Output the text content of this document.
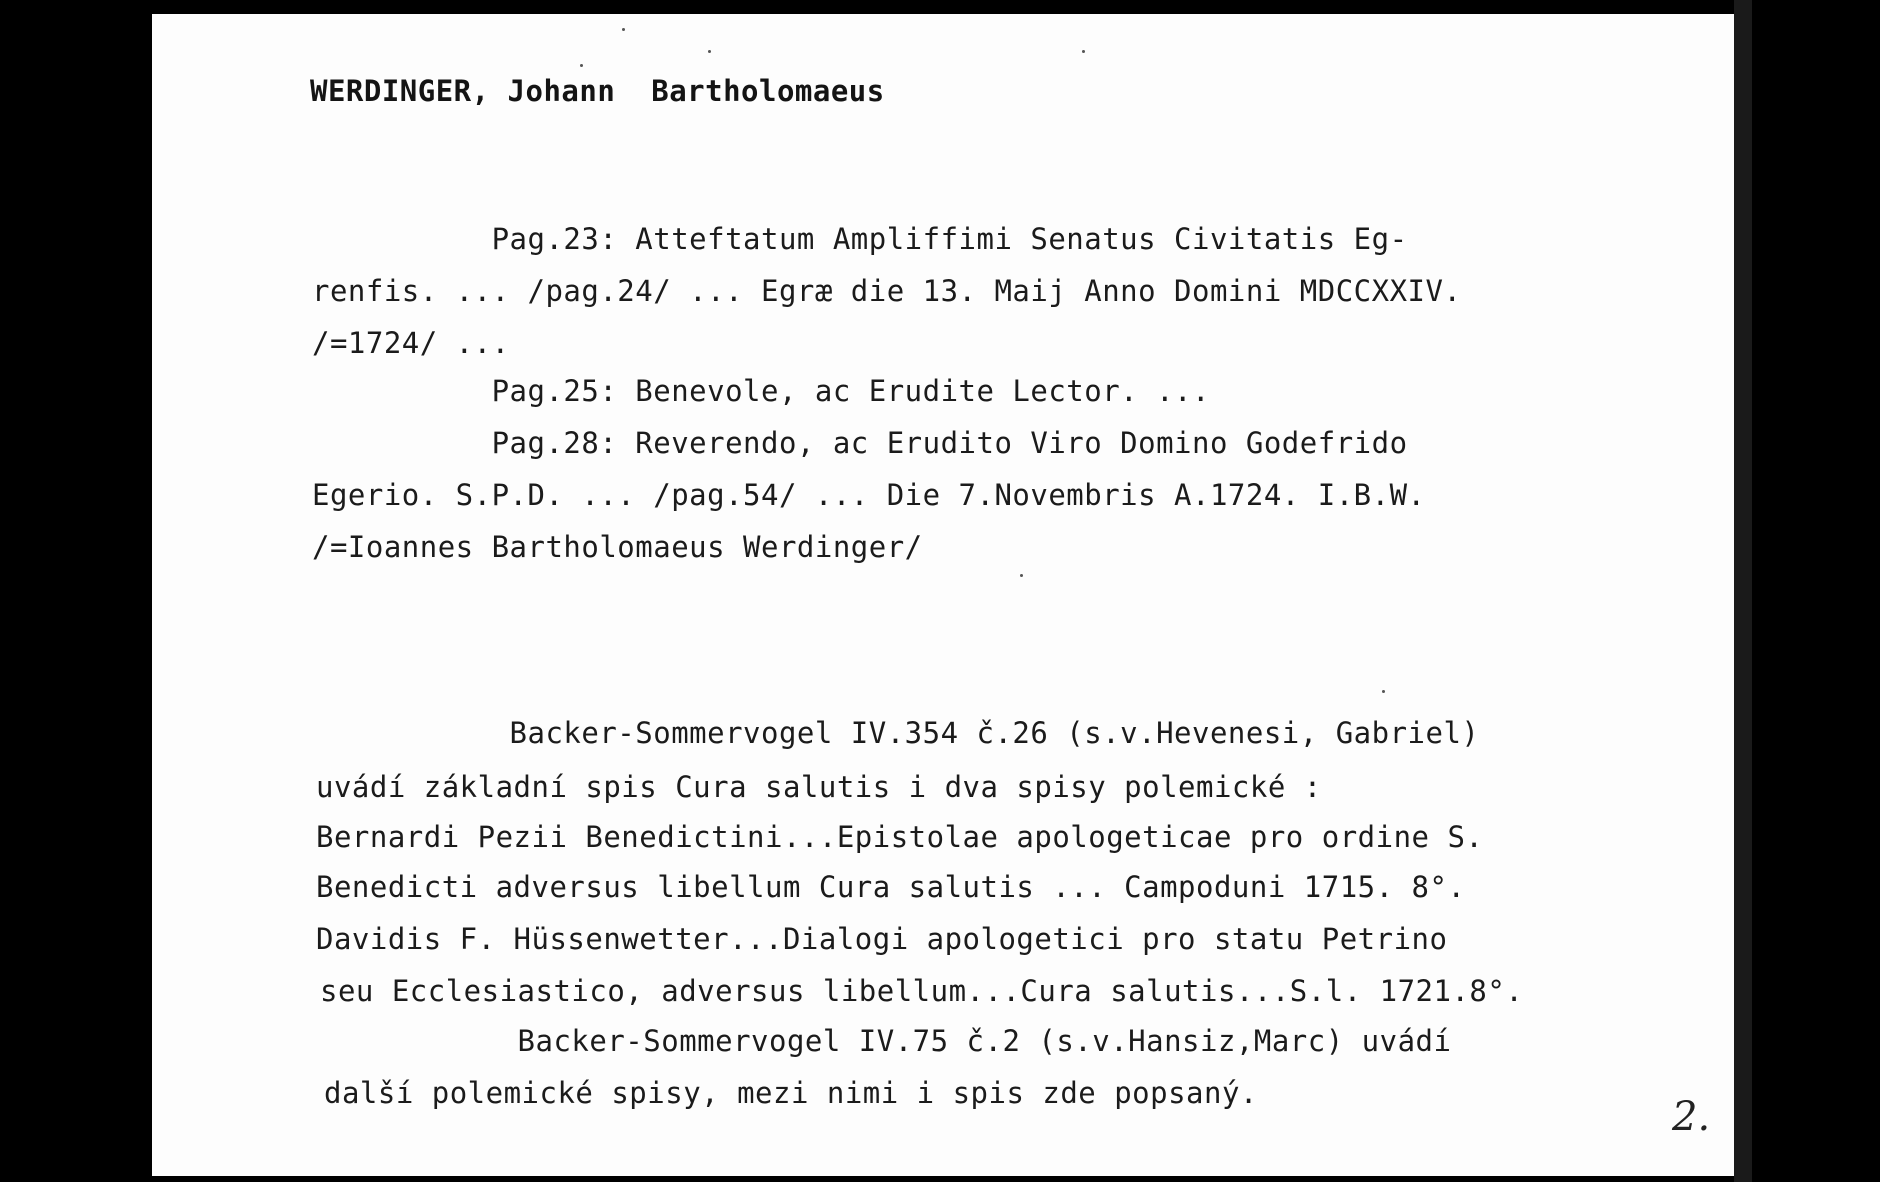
WERDINGER, Johann  Bartholomaeus

Pag.23: Atteftatum Ampliffimi Senatus Civitatis Eg-

renfis. ... /pag.24/ ... Egræ die 13. Maij Anno Domini MDCCXXIV.

/=1724/ ...

Pag.25: Benevole, ac Erudite Lector. ...

Pag.28: Reverendo, ac Erudito Viro Domino Godefrido

Egerio. S.P.D. ... /pag.54/ ... Die 7.Novembris A.1724. I.B.W.

/=Ioannes Bartholomaeus Werdinger/

Backer-Sommervogel IV.354 č.26 (s.v.Hevenesi, Gabriel)

uvádí základní spis Cura salutis i dva spisy polemické :

Bernardi Pezii Benedictini...Epistolae apologeticae pro ordine S.

Benedicti adversus libellum Cura salutis ... Campoduni 1715. 8°.

Davidis F. Hüssenwetter...Dialogi apologetici pro statu Petrino

seu Ecclesiastico, adversus libellum...Cura salutis...S.l. 1721.8°.

Backer-Sommervogel IV.75 č.2 (s.v.Hansiz,Marc) uvádí

další polemické spisy, mezi nimi i spis zde popsaný.

2.
